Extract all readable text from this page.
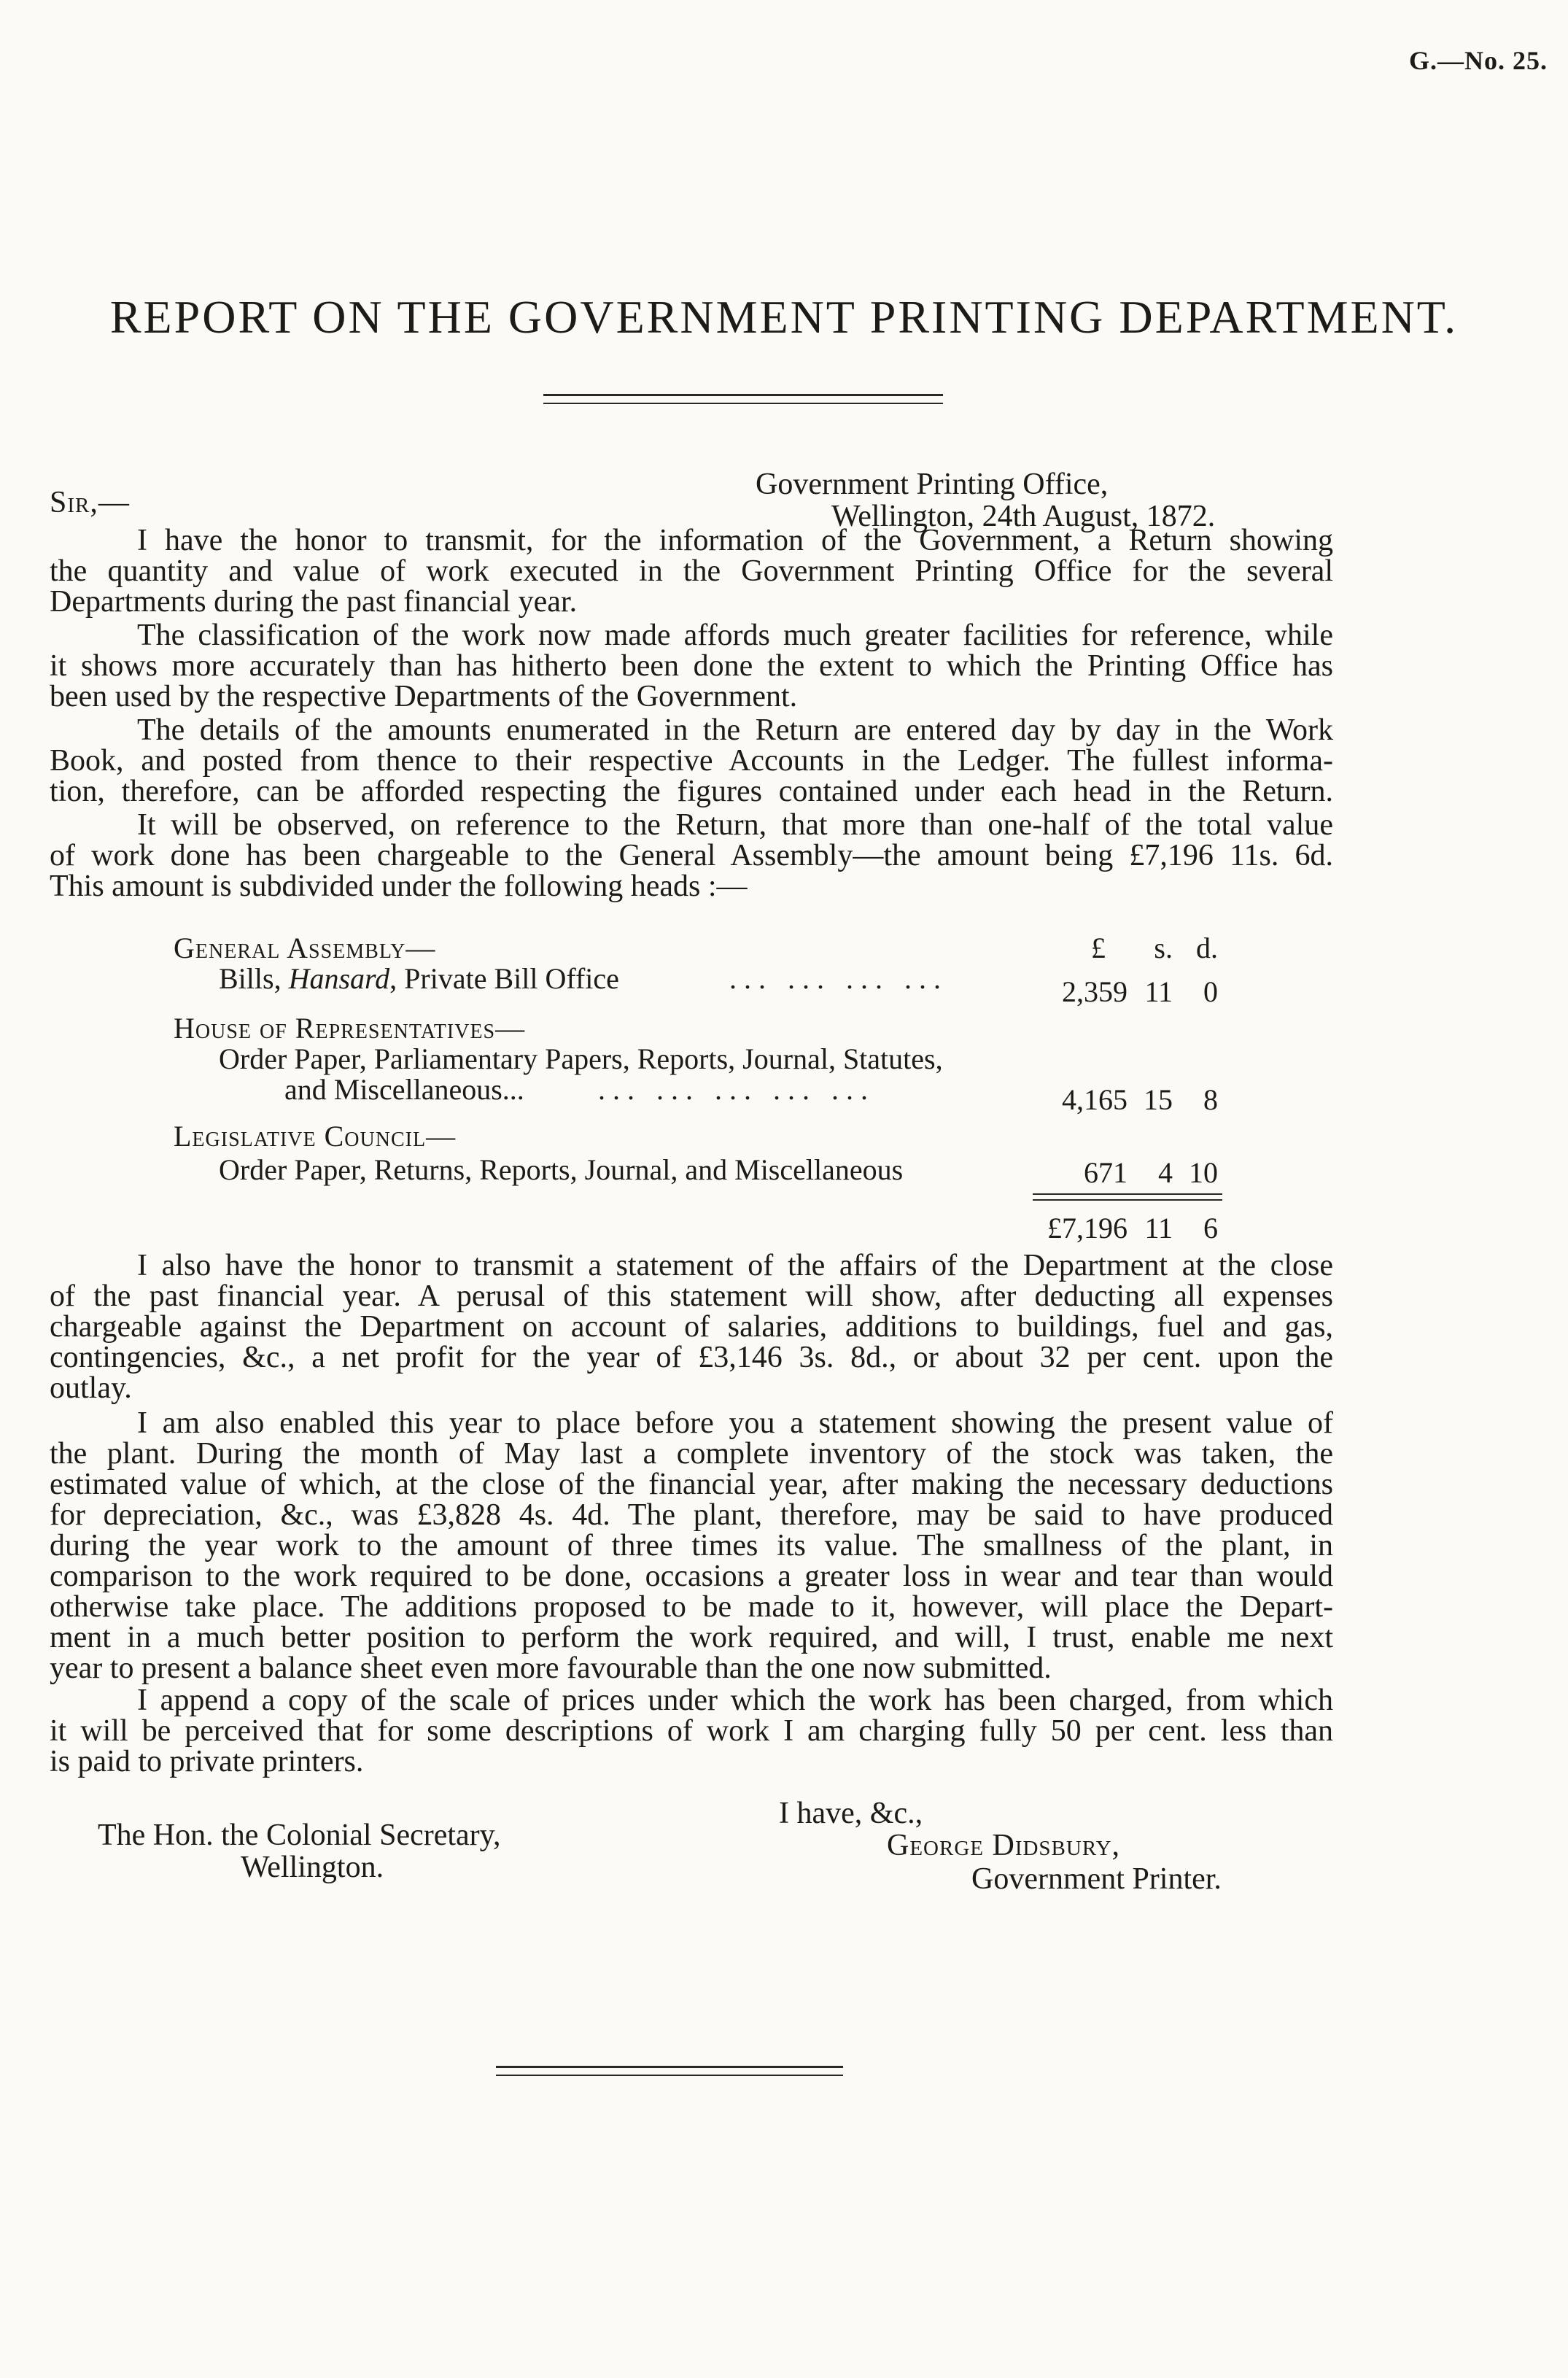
G.—No. 25.
REPORT ON THE GOVERNMENT PRINTING DEPARTMENT.
Government Printing Office,
Wellington, 24th August, 1872.
Sir,—
I have the honor to transmit, for the information of the Government, a Return showing
the quantity and value of work executed in the Government Printing Office for the several
Departments during the past financial year.
The classification of the work now made affords much greater facilities for reference, while
it shows more accurately than has hitherto been done the extent to which the Printing Office has
been used by the respective Departments of the Government.
The details of the amounts enumerated in the Return are entered day by day in the Work
Book, and posted from thence to their respective Accounts in the Ledger. The fullest informa-
tion, therefore, can be afforded respecting the figures contained under each head in the Return.
It will be observed, on reference to the Return, that more than one-half of the total value
of work done has been chargeable to the General Assembly—the amount being £7,196 11s. 6d.
This amount is subdivided under the following heads :—
£	s. d.
General Assembly—
Bills, Hansard, Private Bill Office	... ... ... ...	2,359 11	0
House of Representatives—
Order Paper, Parliamentary Papers, Reports, Journal, Statutes,
and Miscellaneous...	... ... ... ... ...	4,165 15	8
Legislative Council—
Order Paper, Returns, Reports, Journal, and Miscellaneous	671	4 10
£7,196 11	6
I also have the honor to transmit a statement of the affairs of the Department at the close
of the past financial year. A perusal of this statement will show, after deducting all expenses
chargeable against the Department on account of salaries, additions to buildings, fuel and gas,
contingencies, &c., a net profit for the year of £3,146 3s. 8d., or about 32 per cent. upon the
outlay.
I am also enabled this year to place before you a statement showing the present value of
the plant. During the month of May last a complete inventory of the stock was taken, the
estimated value of which, at the close of the financial year, after making the necessary deductions
for depreciation, &c., was £3,828 4s. 4d. The plant, therefore, may be said to have produced
during the year work to the amount of three times its value. The smallness of the plant, in
comparison to the work required to be done, occasions a greater loss in wear and tear than would
otherwise take place. The additions proposed to be made to it, however, will place the Depart-
ment in a much better position to perform the work required, and will, I trust, enable me next
year to present a balance sheet even more favourable than the one now submitted.
I append a copy of the scale of prices under which the work has been charged, from which
it will be perceived that for some descriptions of work I am charging fully 50 per cent. less than
is paid to private printers.
I have, &c.,
George Didsbury,
Government Printer.
The Hon. the Colonial Secretary,
Wellington.
